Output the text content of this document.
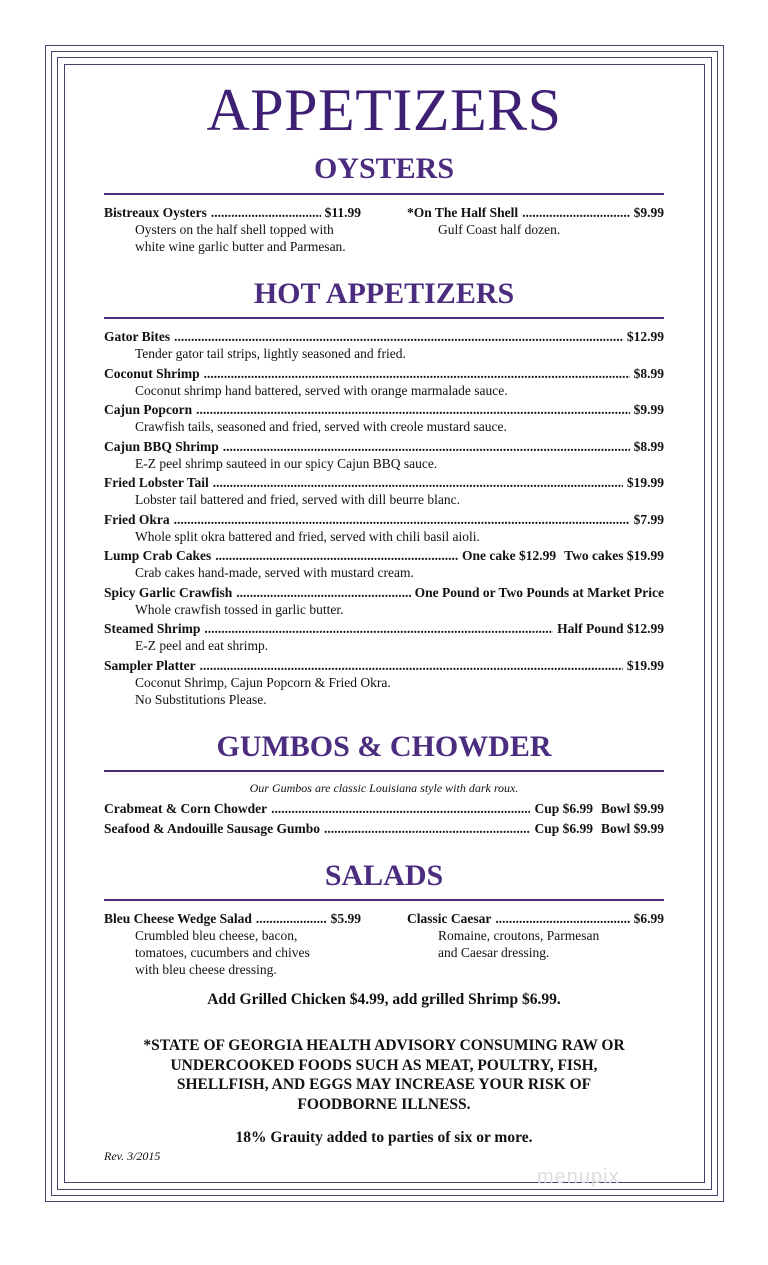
APPETIZERS
OYSTERS
Bistreaux Oysters .....	$11.99
Oysters on the half shell topped with
white wine garlic butter and Parmesan.
*On The Half Shell .....	$9.99
Gulf Coast half dozen.
HOT APPETIZERS
Gator Bites .....	$12.99
Tender gator tail strips, lightly seasoned and fried.
Coconut Shrimp .....	$8.99
Coconut shrimp hand battered, served with orange marmalade sauce.
Cajun Popcorn .....	$9.99
Crawfish tails, seasoned and fried, served with creole mustard sauce.
Cajun BBQ Shrimp .....	$8.99
E-Z peel shrimp sauteed in our spicy Cajun BBQ sauce.
Fried Lobster Tail .....	$19.99
Lobster tail battered and fried, served with dill beurre blanc.
Fried Okra .....	$7.99
Whole split okra battered and fried, served with chili basil aioli.
Lump Crab Cakes .....	One cake $12.99 Two cakes $19.99
Crab cakes hand-made, served with mustard cream.
Spicy Garlic Crawfish .....	One Pound or Two Pounds at Market Price
Whole crawfish tossed in garlic butter.
Steamed Shrimp .....	Half Pound $12.99
E-Z peel and eat shrimp.
Sampler Platter .....	$19.99
Coconut Shrimp, Cajun Popcorn & Fried Okra.
No Substitutions Please.
GUMBOS & CHOWDER
Our Gumbos are classic Louisiana style with dark roux.
Crabmeat & Corn Chowder .....	Cup $6.99 Bowl $9.99
Seafood & Andouille Sausage Gumbo .....	Cup $6.99 Bowl $9.99
SALADS
Bleu Cheese Wedge Salad .....	$5.99
Crumbled bleu cheese, bacon,
tomatoes, cucumbers and chives
with bleu cheese dressing.
Classic Caesar .....	$6.99
Romaine, croutons, Parmesan
and Caesar dressing.
Add Grilled Chicken $4.99, add grilled Shrimp $6.99.
*STATE OF GEORGIA HEALTH ADVISORY CONSUMING RAW OR
UNDERCOOKED FOODS SUCH AS MEAT, POULTRY, FISH,
SHELLFISH, AND EGGS MAY INCREASE YOUR RISK OF
FOODBORNE ILLNESS.
18% Grauity added to parties of six or more.
Rev. 3/2015
menupix
